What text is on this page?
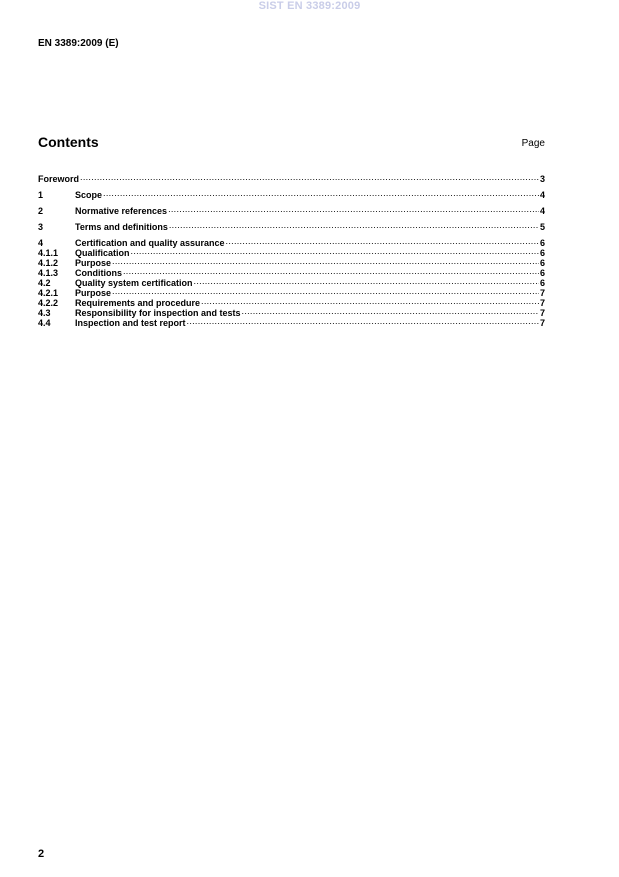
SIST EN 3389:2009
EN 3389:2009 (E)
Contents	Page
Foreword .....	3
1	Scope .....	4
2	Normative references .....	4
3	Terms and definitions .....	5
4	Certification and quality assurance .....	6
4.1.1	Qualification .....	6
4.1.2	Purpose .....	6
4.1.3	Conditions .....	6
4.2	Quality system certification .....	6
4.2.1	Purpose .....	7
4.2.2	Requirements and procedure .....	7
4.3	Responsibility for inspection and tests .....	7
4.4	Inspection and test report .....	7
2
